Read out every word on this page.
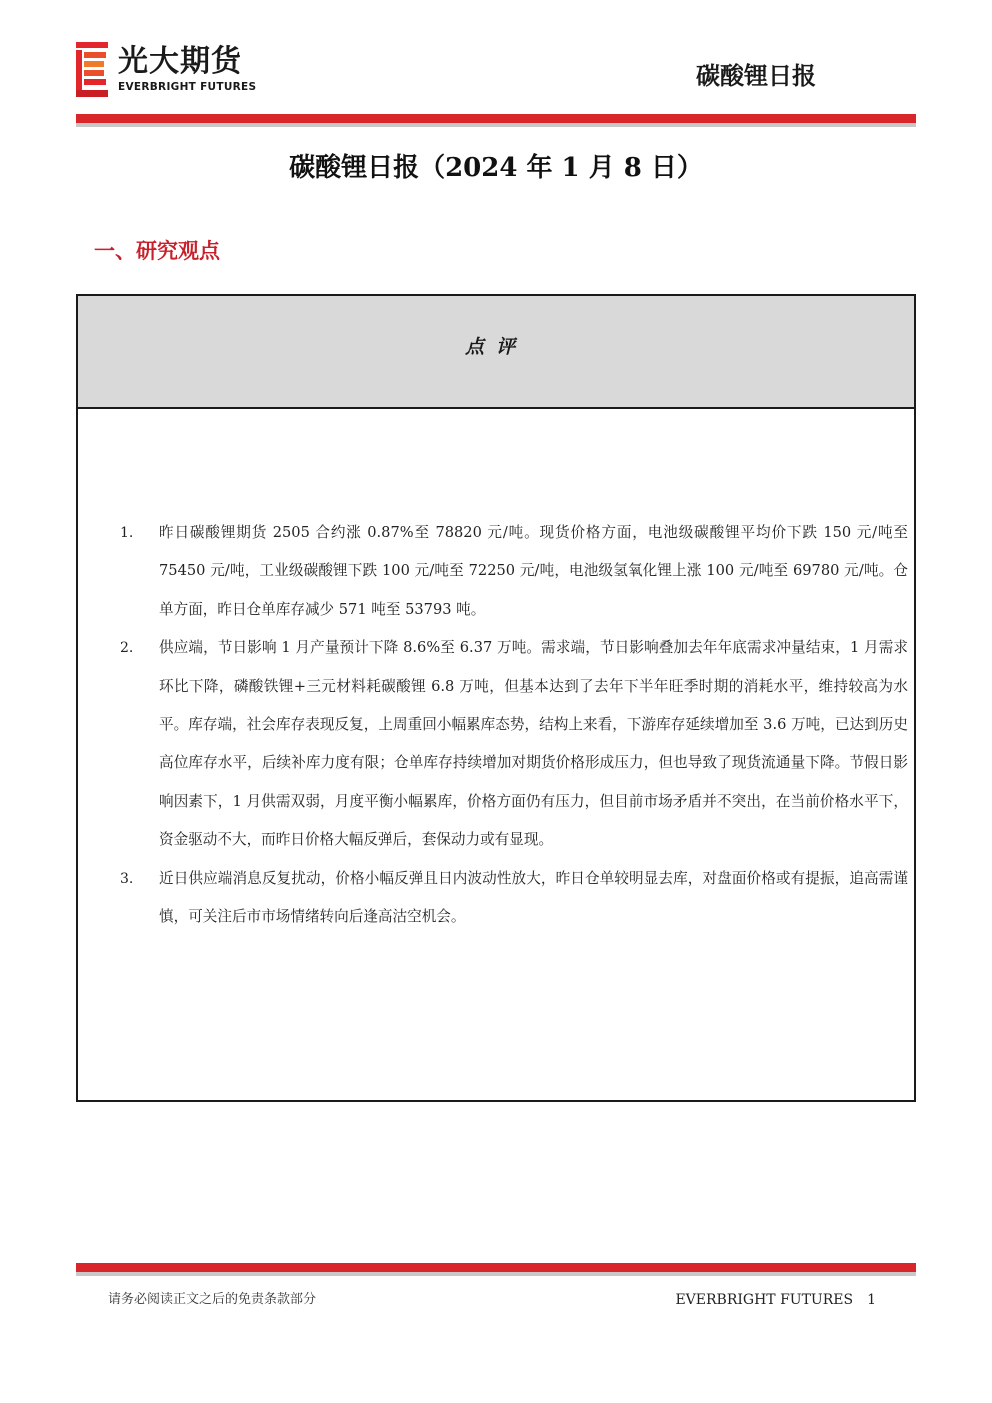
光大期货
EVERBRIGHT FUTURES	碳酸锂日报
碳酸锂日报（2024 年 1 月 8 日）
一、研究观点
点评
1.	昨日碳酸锂期货 2505 合约涨 0.87%至 78820 元/吨。现货价格方面，电池级碳酸锂平均价下跌 150 元/吨至 75450 元/吨，工业级碳酸锂下跌 100 元/吨至 72250 元/吨，电池级氢氧化锂上涨 100 元/吨至 69780 元/吨。仓单方面，昨日仓单库存减少 571 吨至 53793 吨。
2.	供应端，节日影响 1 月产量预计下降 8.6%至 6.37 万吨。需求端，节日影响叠加去年年底需求冲量结束，1 月需求环比下降，磷酸铁锂+三元材料耗碳酸锂 6.8 万吨，但基本达到了去年下半年旺季时期的消耗水平，维持较高为水平。库存端，社会库存表现反复，上周重回小幅累库态势，结构上来看，下游库存延续增加至 3.6 万吨，已达到历史高位库存水平，后续补库力度有限；仓单库存持续增加对期货价格形成压力，但也导致了现货流通量下降。节假日影响因素下，1 月供需双弱，月度平衡小幅累库，价格方面仍有压力，但目前市场矛盾并不突出，在当前价格水平下，资金驱动不大，而昨日价格大幅反弹后，套保动力或有显现。
3.	近日供应端消息反复扰动，价格小幅反弹且日内波动性放大，昨日仓单较明显去库，对盘面价格或有提振，追高需谨慎，可关注后市市场情绪转向后逢高沽空机会。
请务必阅读正文之后的免责条款部分	EVERBRIGHT FUTURES 1
